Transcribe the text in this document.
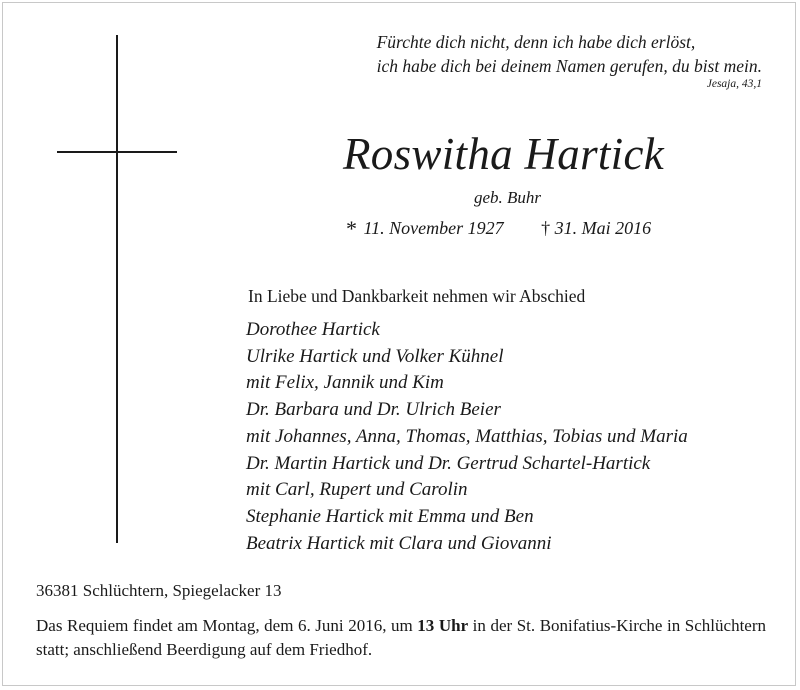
Fürchte dich nicht, denn ich habe dich erlöst,
ich habe dich bei deinem Namen gerufen, du bist mein.
Jesaja, 43,1
Roswitha Hartick
geb. Buhr
* 11. November 1927 † 31. Mai 2016
In Liebe und Dankbarkeit nehmen wir Abschied
Dorothee Hartick
Ulrike Hartick und Volker Kühnel
mit Felix, Jannik und Kim
Dr. Barbara und Dr. Ulrich Beier
mit Johannes, Anna, Thomas, Matthias, Tobias und Maria
Dr. Martin Hartick und Dr. Gertrud Schartel-Hartick
mit Carl, Rupert und Carolin
Stephanie Hartick mit Emma und Ben
Beatrix Hartick mit Clara und Giovanni
36381 Schlüchtern, Spiegelacker 13
Das Requiem findet am Montag, dem 6. Juni 2016, um 13 Uhr in der St. Bonifatius-Kirche in Schlüchtern statt; anschließend Beerdigung auf dem Friedhof.
